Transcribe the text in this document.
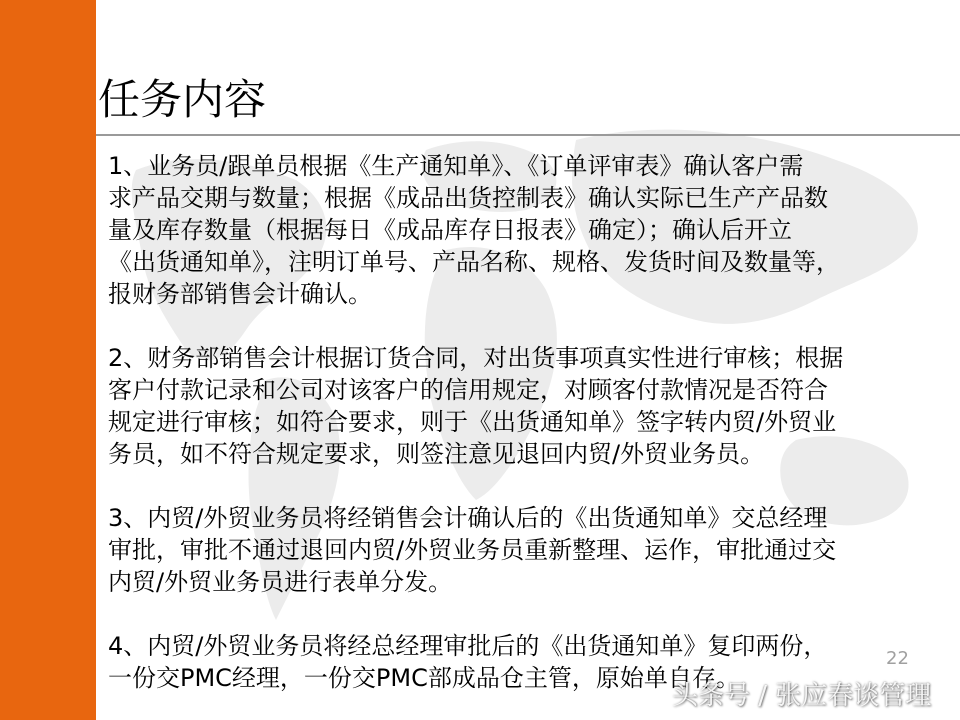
任务内容

1、业务员/跟单员根据《生产通知单》、《订单评审表》确认客户需
求产品交期与数量；根据《成品出货控制表》确认实际已生产产品数
量及库存数量（根据每日《成品库存日报表》确定）；确认后开立
《出货通知单》，注明订单号、产品名称、规格、发货时间及数量等，
报财务部销售会计确认。

2、财务部销售会计根据订货合同，对出货事项真实性进行审核；根据
客户付款记录和公司对该客户的信用规定，对顾客付款情况是否符合
规定进行审核；如符合要求，则于《出货通知单》签字转内贸/外贸业
务员，如不符合规定要求，则签注意见退回内贸/外贸业务员。

3、内贸/外贸业务员将经销售会计确认后的《出货通知单》交总经理
审批，审批不通过退回内贸/外贸业务员重新整理、运作，审批通过交
内贸/外贸业务员进行表单分发。

4、内贸/外贸业务员将经总经理审批后的《出货通知单》复印两份，
一份交PMC经理，一份交PMC部成品仓主管，原始单自存。

22
头条号 / 张应春谈管理
